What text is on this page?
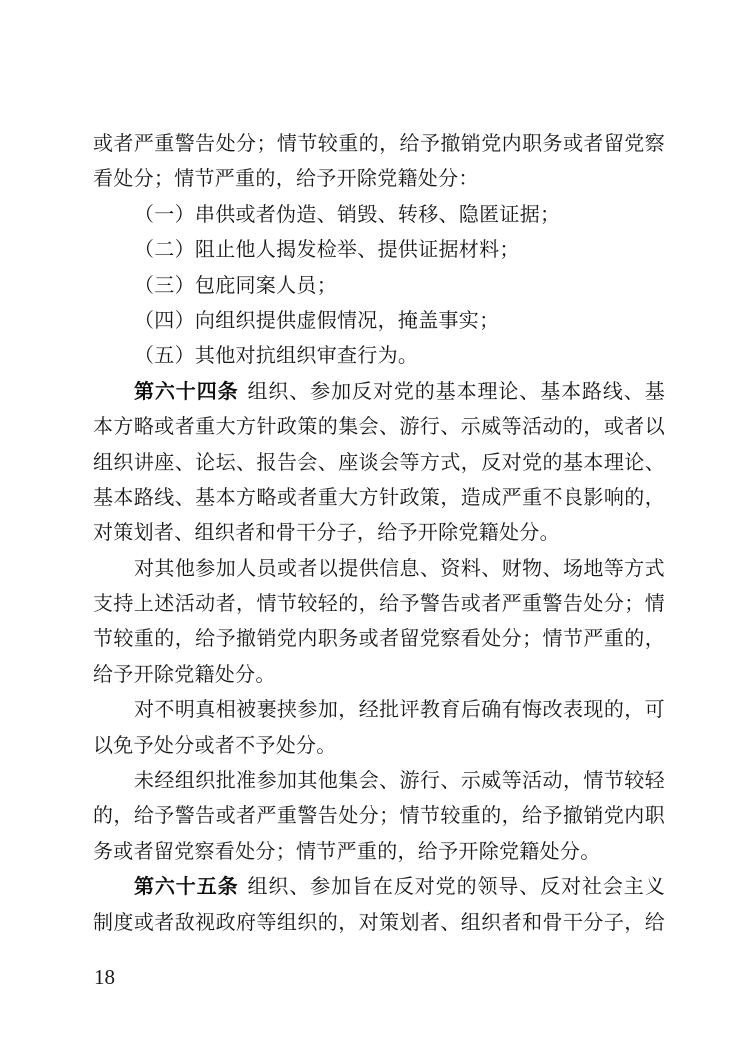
或者严重警告处分；情节较重的，给予撤销党内职务或者留党察
看处分；情节严重的，给予开除党籍处分：
（一）串供或者伪造、销毁、转移、隐匿证据；
（二）阻止他人揭发检举、提供证据材料；
（三）包庇同案人员；
（四）向组织提供虚假情况，掩盖事实；
（五）其他对抗组织审查行为。
第六十四条 组织、参加反对党的基本理论、基本路线、基
本方略或者重大方针政策的集会、游行、示威等活动的，或者以
组织讲座、论坛、报告会、座谈会等方式，反对党的基本理论、
基本路线、基本方略或者重大方针政策，造成严重不良影响的，
对策划者、组织者和骨干分子，给予开除党籍处分。
对其他参加人员或者以提供信息、资料、财物、场地等方式
支持上述活动者，情节较轻的，给予警告或者严重警告处分；情
节较重的，给予撤销党内职务或者留党察看处分；情节严重的，
给予开除党籍处分。
对不明真相被裹挟参加，经批评教育后确有悔改表现的，可
以免予处分或者不予处分。
未经组织批准参加其他集会、游行、示威等活动，情节较轻
的，给予警告或者严重警告处分；情节较重的，给予撤销党内职
务或者留党察看处分；情节严重的，给予开除党籍处分。
第六十五条 组织、参加旨在反对党的领导、反对社会主义
制度或者敌视政府等组织的，对策划者、组织者和骨干分子，给
18
